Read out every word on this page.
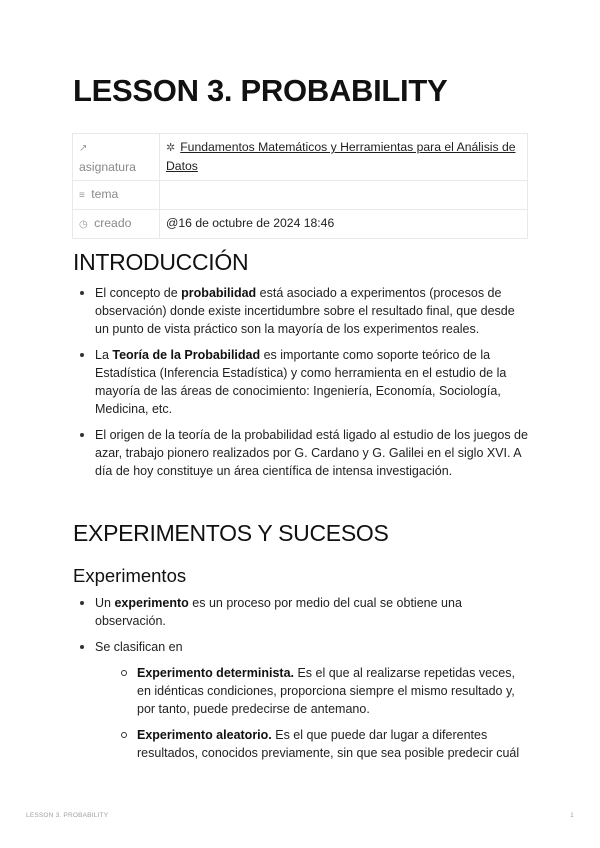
LESSON 3. PROBABILITY
↗
asignatura	✲ Fundamentos Matemáticos y Herramientas para el Análisis de Datos
≡ tema	
◷ creado	@16 de octubre de 2024 18:46
INTRODUCCIÓN
El concepto de probabilidad está asociado a experimentos (procesos de observación) donde existe incertidumbre sobre el resultado final, que desde un punto de vista práctico son la mayoría de los experimentos reales.
La Teoría de la Probabilidad es importante como soporte teórico de la Estadística (Inferencia Estadística) y como herramienta en el estudio de la mayoría de las áreas de conocimiento: Ingeniería, Economía, Sociología, Medicina, etc.
El origen de la teoría de la probabilidad está ligado al estudio de los juegos de azar, trabajo pionero realizados por G. Cardano y G. Galilei en el siglo XVI. A día de hoy constituye un área científica de intensa investigación.
EXPERIMENTOS Y SUCESOS
Experimentos
Un experimento es un proceso por medio del cual se obtiene una observación.
Se clasifican en
Experimento determinista. Es el que al realizarse repetidas veces, en idénticas condiciones, proporciona siempre el mismo resultado y, por tanto, puede predecirse de antemano.
Experimento aleatorio. Es el que puede dar lugar a diferentes resultados, conocidos previamente, sin que sea posible predecir cuál
LESSON 3. PROBABILITY	1
